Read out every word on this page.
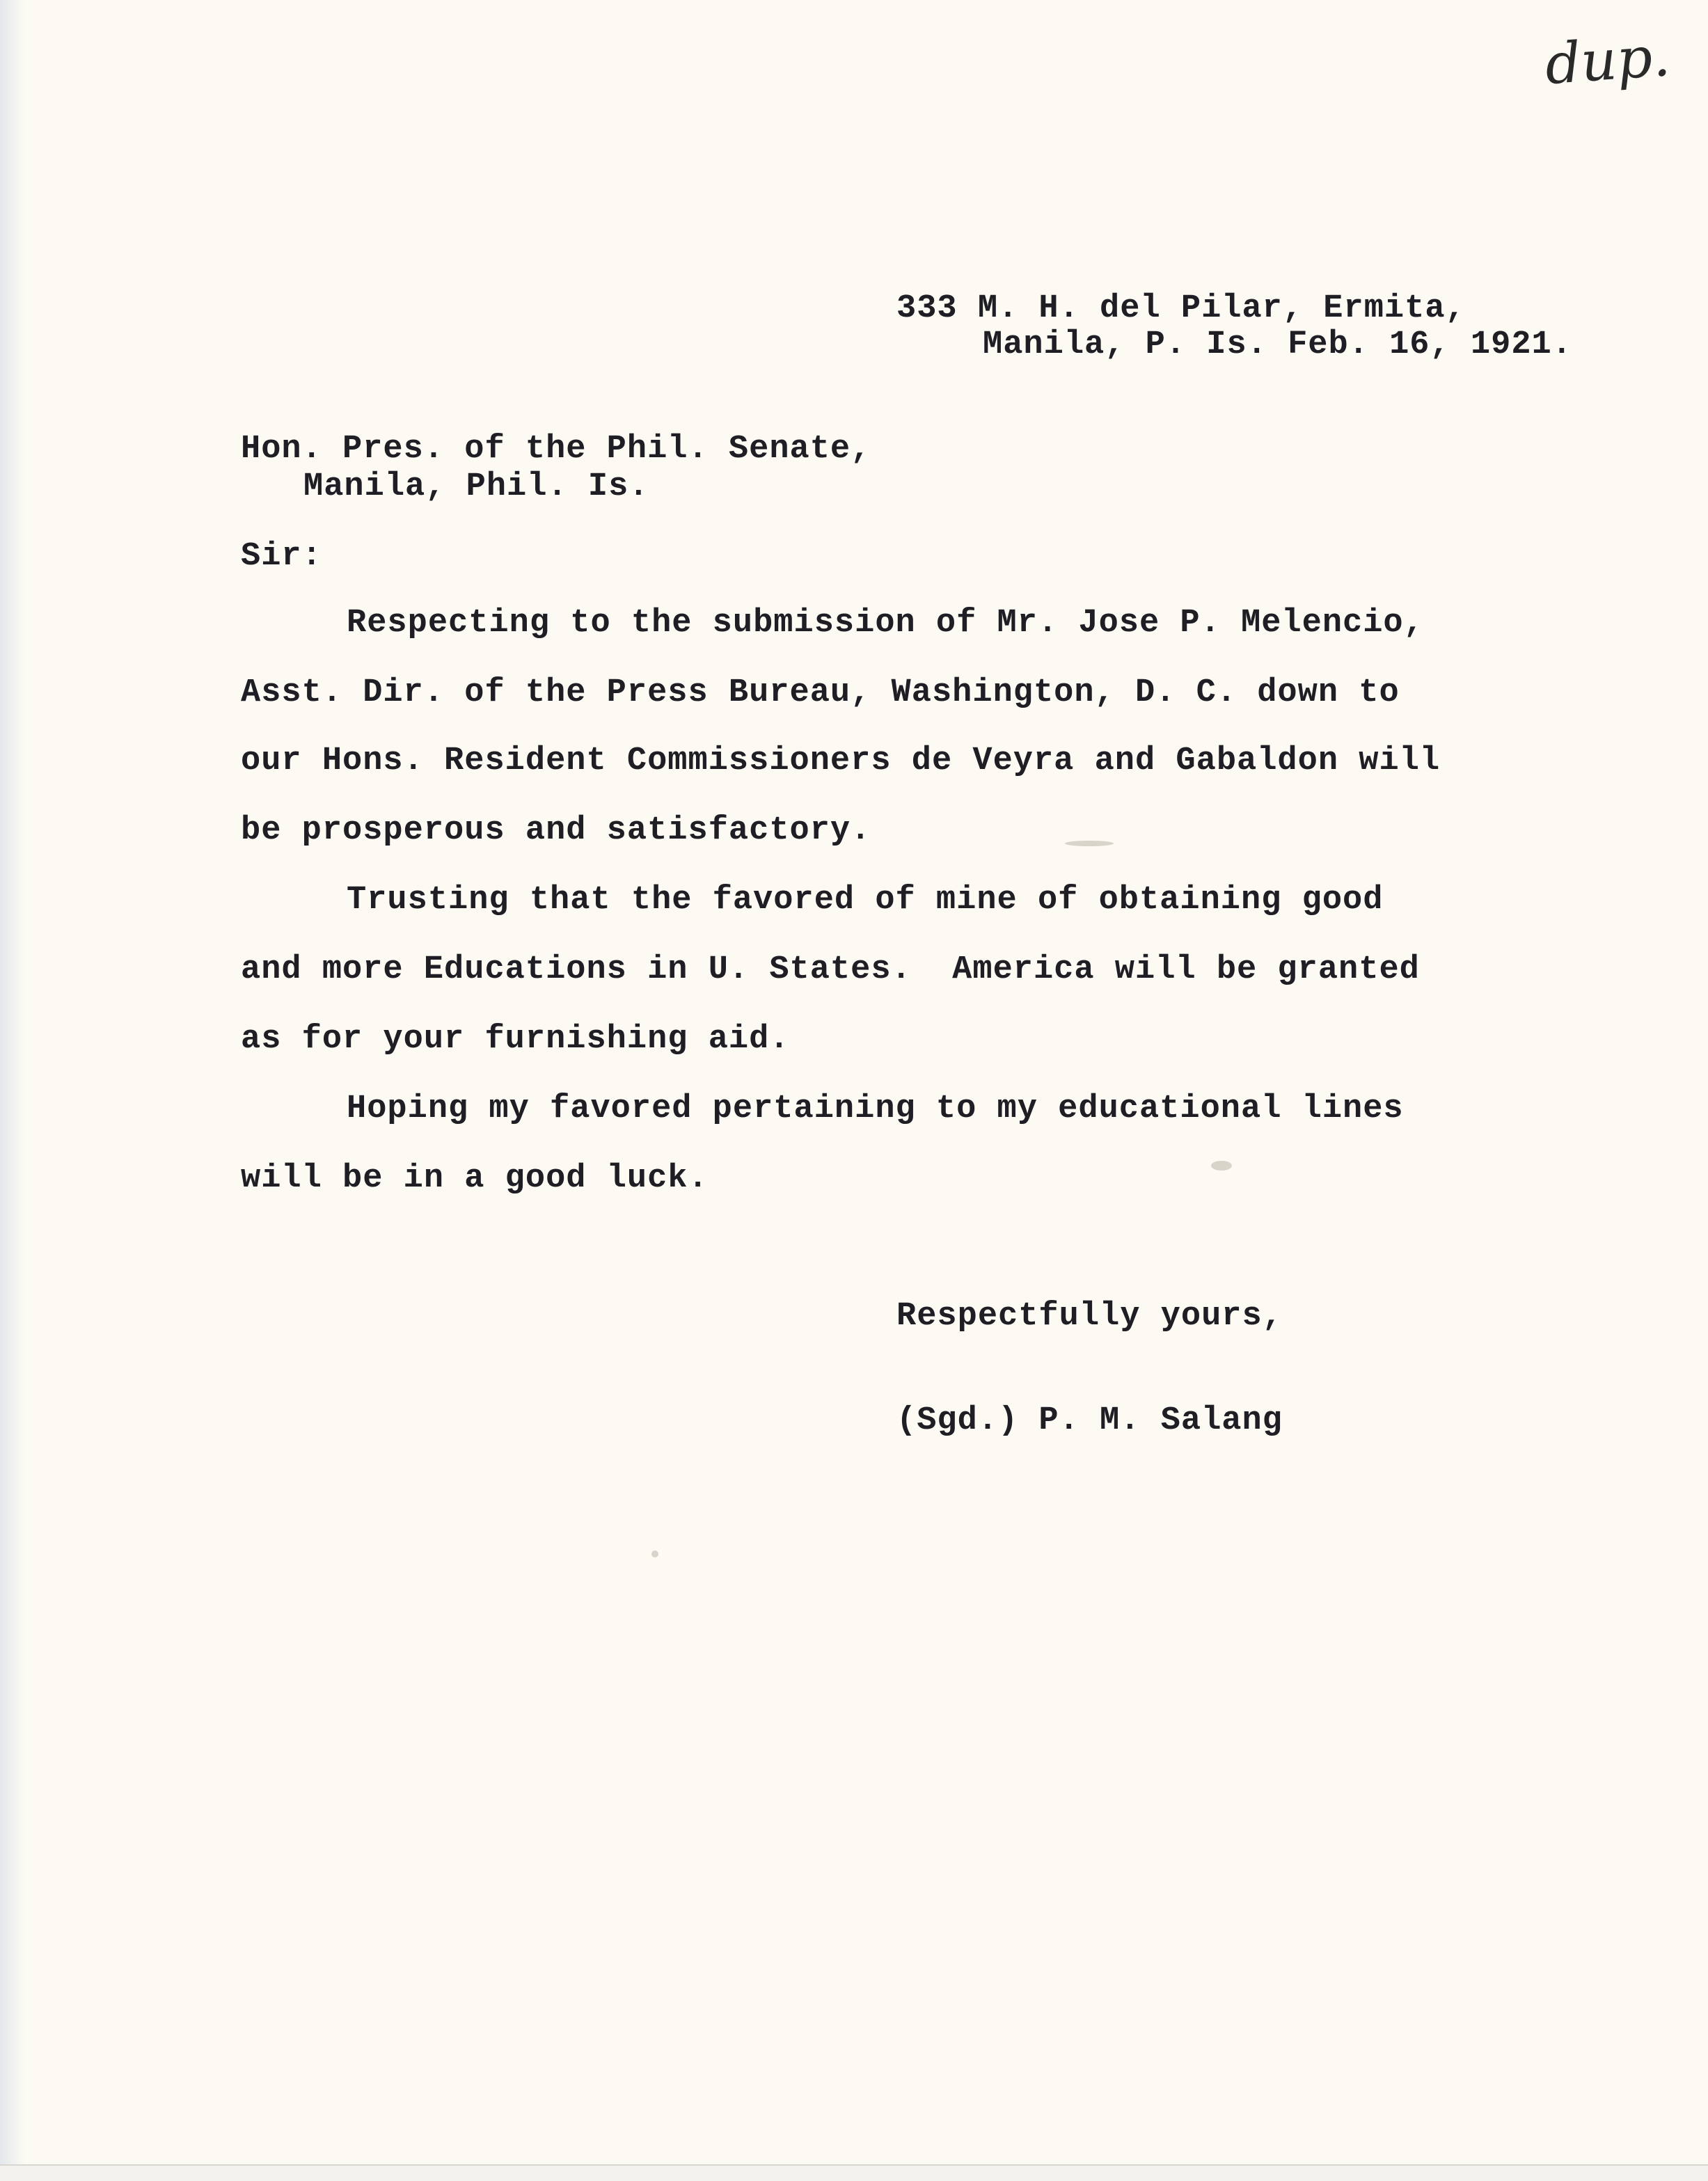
dup.
333 M. H. del Pilar, Ermita,
Manila, P. Is. Feb. 16, 1921.
Hon. Pres. of the Phil. Senate,
Manila, Phil. Is.
Sir:
Respecting to the submission of Mr. Jose P. Melencio,
Asst. Dir. of the Press Bureau, Washington, D. C. down to
our Hons. Resident Commissioners de Veyra and Gabaldon will
be prosperous and satisfactory.
Trusting that the favored of mine of obtaining good
and more Educations in U. States.  America will be granted
as for your furnishing aid.
Hoping my favored pertaining to my educational lines
will be in a good luck.
Respectfully yours,
(Sgd.) P. M. Salang
